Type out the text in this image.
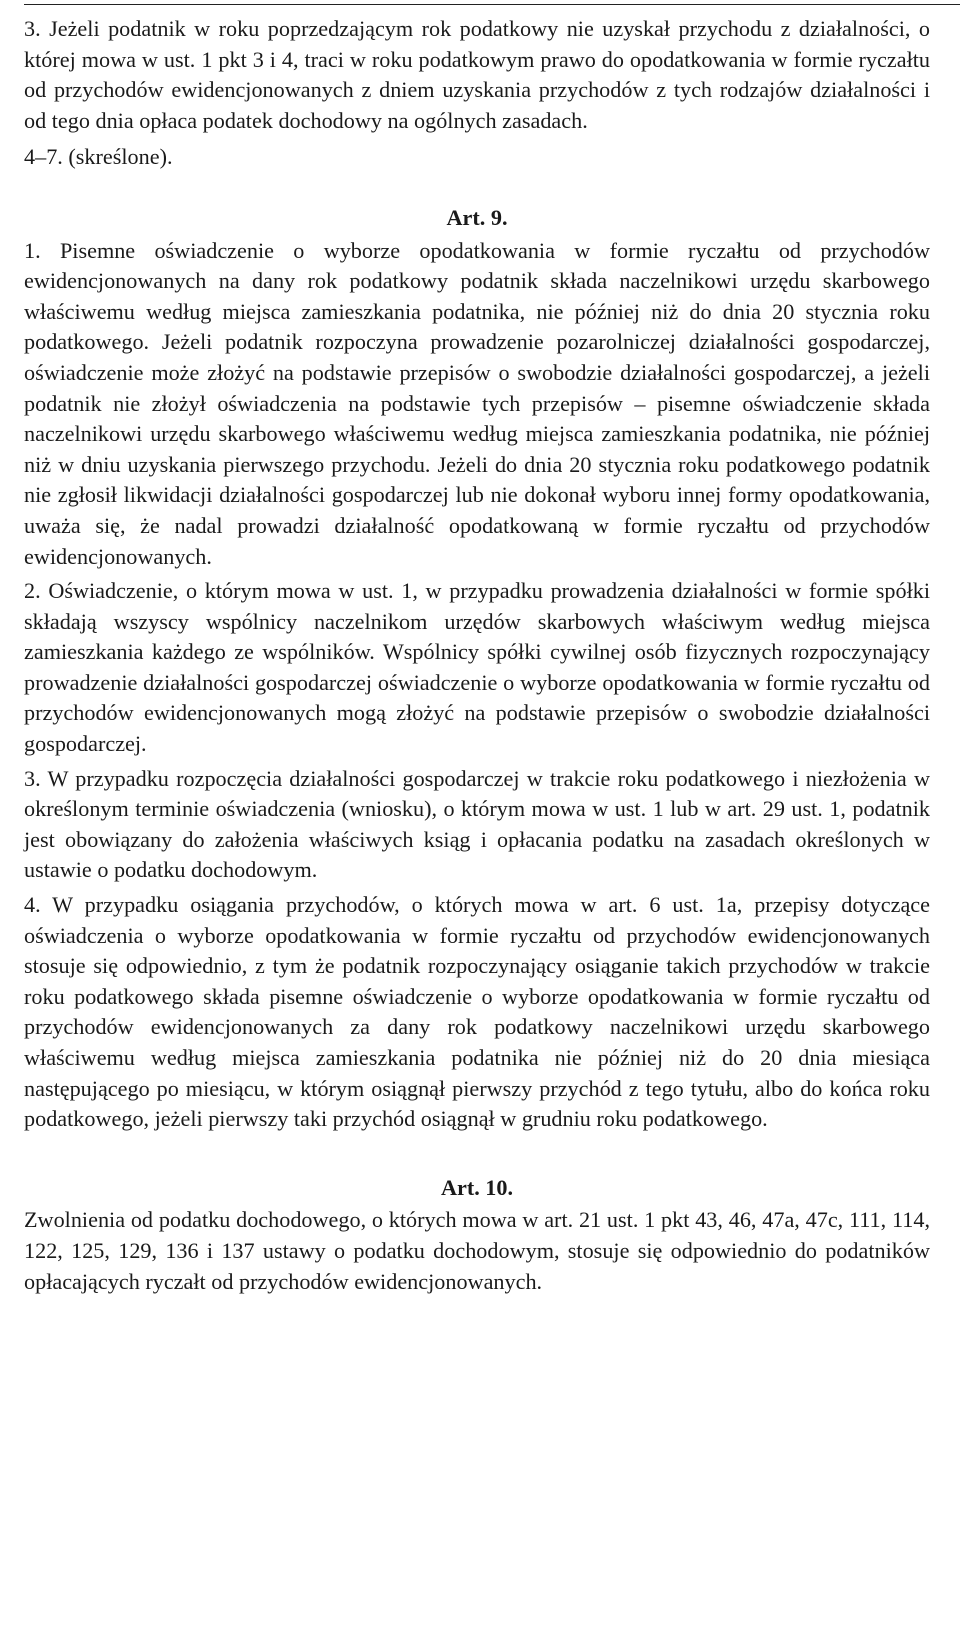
3. Jeżeli podatnik w roku poprzedzającym rok podatkowy nie uzyskał przychodu z działalności, o której mowa w ust. 1 pkt 3 i 4, traci w roku podatkowym prawo do opodatkowania w formie ryczałtu od przychodów ewidencjonowanych z dniem uzyskania przychodów z tych rodzajów działalności i od tego dnia opłaca podatek dochodowy na ogólnych zasadach.

4–7. (skreślone).

Art. 9.

1. Pisemne oświadczenie o wyborze opodatkowania w formie ryczałtu od przychodów ewidencjonowanych na dany rok podatkowy podatnik składa naczelnikowi urzędu skarbowego właściwemu według miejsca zamieszkania podatnika, nie później niż do dnia 20 stycznia roku podatkowego. Jeżeli podatnik rozpoczyna prowadzenie pozarolniczej działalności gospodarczej, oświadczenie może złożyć na podstawie przepisów o swobodzie działalności gospodarczej, a jeżeli podatnik nie złożył oświadczenia na podstawie tych przepisów – pisemne oświadczenie składa naczelnikowi urzędu skarbowego właściwemu według miejsca zamieszkania podatnika, nie później niż w dniu uzyskania pierwszego przychodu. Jeżeli do dnia 20 stycznia roku podatkowego podatnik nie zgłosił likwidacji działalności gospodarczej lub nie dokonał wyboru innej formy opodatkowania, uważa się, że nadal prowadzi działalność opodatkowaną w formie ryczałtu od przychodów ewidencjonowanych.

2. Oświadczenie, o którym mowa w ust. 1, w przypadku prowadzenia działalności w formie spółki składają wszyscy wspólnicy naczelnikom urzędów skarbowych właściwym według miejsca zamieszkania każdego ze wspólników. Wspólnicy spółki cywilnej osób fizycznych rozpoczynający prowadzenie działalności gospodarczej oświadczenie o wyborze opodatkowania w formie ryczałtu od przychodów ewidencjonowanych mogą złożyć na podstawie przepisów o swobodzie działalności gospodarczej.

3. W przypadku rozpoczęcia działalności gospodarczej w trakcie roku podatkowego i niezłożenia w określonym terminie oświadczenia (wniosku), o którym mowa w ust. 1 lub w art. 29 ust. 1, podatnik jest obowiązany do założenia właściwych ksiąg i opłacania podatku na zasadach określonych w ustawie o podatku dochodowym.

4. W przypadku osiągania przychodów, o których mowa w art. 6 ust. 1a, przepisy dotyczące oświadczenia o wyborze opodatkowania w formie ryczałtu od przychodów ewidencjonowanych stosuje się odpowiednio, z tym że podatnik rozpoczynający osiąganie takich przychodów w trakcie roku podatkowego składa pisemne oświadczenie o wyborze opodatkowania w formie ryczałtu od przychodów ewidencjonowanych za dany rok podatkowy naczelnikowi urzędu skarbowego właściwemu według miejsca zamieszkania podatnika nie później niż do 20 dnia miesiąca następującego po miesiącu, w którym osiągnął pierwszy przychód z tego tytułu, albo do końca roku podatkowego, jeżeli pierwszy taki przychód osiągnął w grudniu roku podatkowego.

Art. 10.

Zwolnienia od podatku dochodowego, o których mowa w art. 21 ust. 1 pkt 43, 46, 47a, 47c, 111, 114, 122, 125, 129, 136 i 137 ustawy o podatku dochodowym, stosuje się odpowiednio do podatników opłacających ryczałt od przychodów ewidencjonowanych.
